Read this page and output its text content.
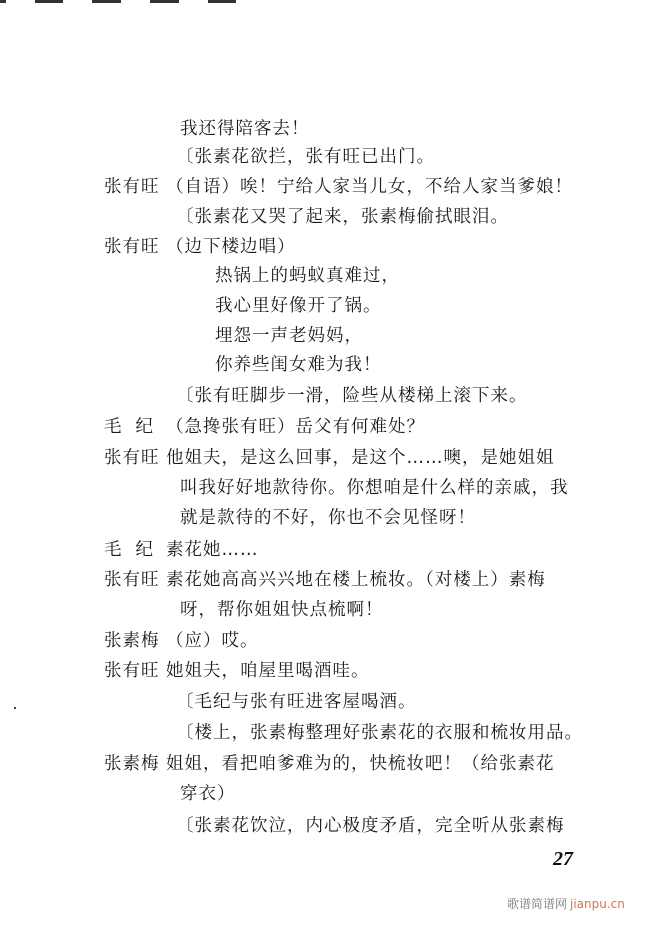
我还得陪客去！
〔张素花欲拦，张有旺已出门。
张有旺 （自语）唉！宁给人家当儿女，不给人家当爹娘！
〔张素花又哭了起来，张素梅偷拭眼泪。
张有旺 （边下楼边唱）
热锅上的蚂蚁真难过，
我心里好像开了锅。
埋怨一声老妈妈，
你养些闺女难为我！
〔张有旺脚步一滑，险些从楼梯上滚下来。
毛纪 （急搀张有旺）岳父有何难处？
张有旺 他姐夫，是这么回事，是这个……噢，是她姐姐
叫我好好地款待你。你想咱是什么样的亲戚，我
就是款待的不好，你也不会见怪呀！
毛纪 素花她……
张有旺 素花她高高兴兴地在楼上梳妆。（对楼上）素梅
呀，帮你姐姐快点梳啊！
张素梅 （应）哎。
张有旺 她姐夫，咱屋里喝酒哇。
〔毛纪与张有旺进客屋喝酒。
〔楼上，张素梅整理好张素花的衣服和梳妆用品。
张素梅 姐姐，看把咱爹难为的，快梳妆吧！（给张素花
穿衣）
〔张素花饮泣，内心极度矛盾，完全听从张素梅
27
歌谱简谱网 jianpu.cn
